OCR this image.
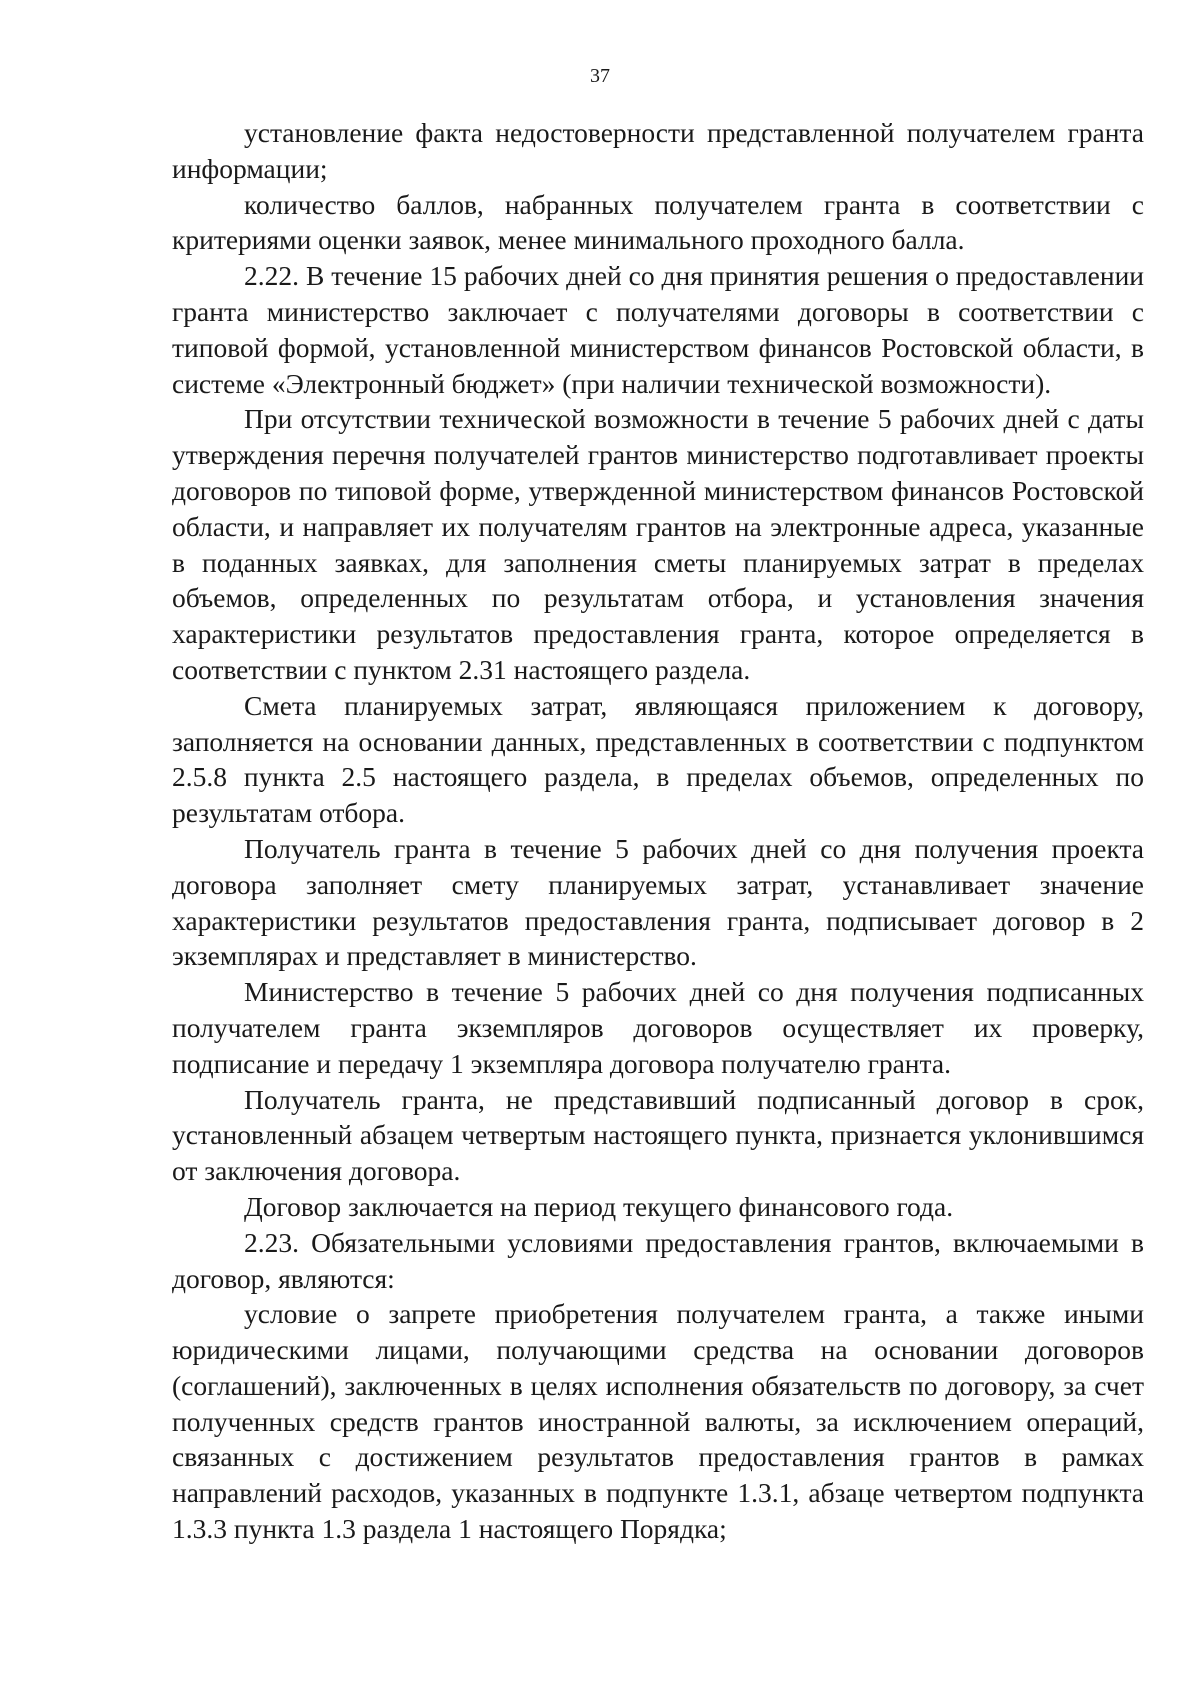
37

установление факта недостоверности представленной получателем гранта информации;

количество баллов, набранных получателем гранта в соответствии с критериями оценки заявок, менее минимального проходного балла.

2.22. В течение 15 рабочих дней со дня принятия решения о предоставлении гранта министерство заключает с получателями договоры в соответствии с типовой формой, установленной министерством финансов Ростовской области, в системе «Электронный бюджет» (при наличии технической возможности).

При отсутствии технической возможности в течение 5 рабочих дней с даты утверждения перечня получателей грантов министерство подготавливает проекты договоров по типовой форме, утвержденной министерством финансов Ростовской области, и направляет их получателям грантов на электронные адреса, указанные в поданных заявках, для заполнения сметы планируемых затрат в пределах объемов, определенных по результатам отбора, и установления значения характеристики результатов предоставления гранта, которое определяется в соответствии с пунктом 2.31 настоящего раздела.

Смета планируемых затрат, являющаяся приложением к договору, заполняется на основании данных, представленных в соответствии с подпунктом 2.5.8 пункта 2.5 настоящего раздела, в пределах объемов, определенных по результатам отбора.

Получатель гранта в течение 5 рабочих дней со дня получения проекта договора заполняет смету планируемых затрат, устанавливает значение характеристики результатов предоставления гранта, подписывает договор в 2 экземплярах и представляет в министерство.

Министерство в течение 5 рабочих дней со дня получения подписанных получателем гранта экземпляров договоров осуществляет их проверку, подписание и передачу 1 экземпляра договора получателю гранта.

Получатель гранта, не представивший подписанный договор в срок, установленный абзацем четвертым настоящего пункта, признается уклонившимся от заключения договора.

Договор заключается на период текущего финансового года.

2.23. Обязательными условиями предоставления грантов, включаемыми в договор, являются:

условие о запрете приобретения получателем гранта, а также иными юридическими лицами, получающими средства на основании договоров (соглашений), заключенных в целях исполнения обязательств по договору, за счет полученных средств грантов иностранной валюты, за исключением операций, связанных с достижением результатов предоставления грантов в рамках направлений расходов, указанных в подпункте 1.3.1, абзаце четвертом подпункта 1.3.3 пункта 1.3 раздела 1 настоящего Порядка;
